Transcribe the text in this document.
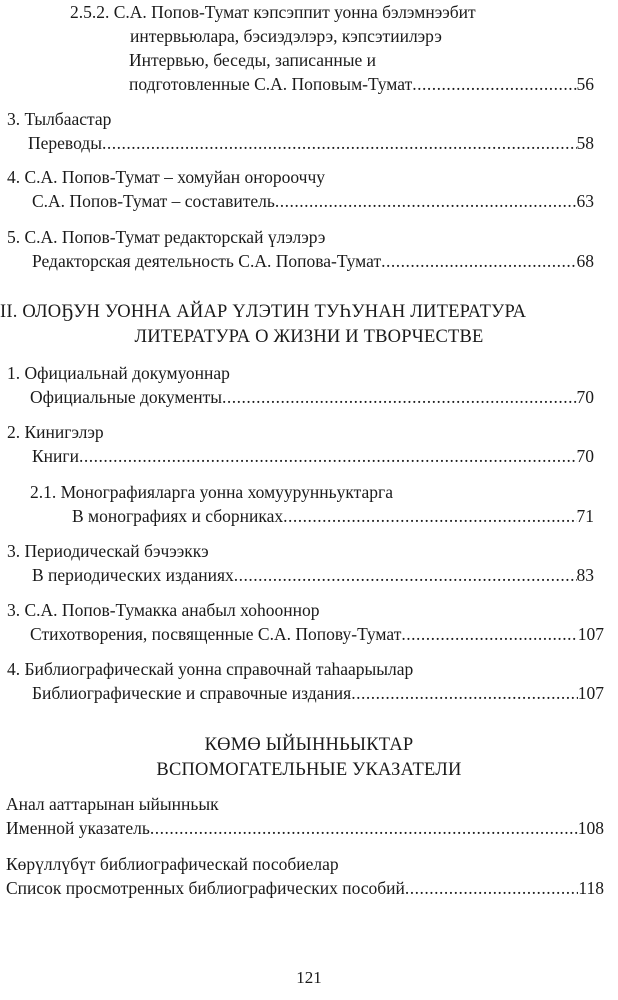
2.5.2. С.А. Попов-Тумат кэпсэппит уонна бэлэмнээбит
интервьюлара, бэсиэдэлэрэ, кэпсэтиилэрэ
Интервью, беседы, записанные и
подготовленные С.А. Поповым-Тумат .....	56
3. Тылбаастар
Переводы .....	58
4. С.А. Попов-Тумат – хомуйан оҥорооччу
С.А. Попов-Тумат – составитель .....	63
5. С.А. Попов-Тумат редакторскай үлэлэрэ
Редакторская деятельность С.А. Попова-Тумат .....	68
II. ОЛОҔУН УОННА АЙАР ҮЛЭТИН ТУҺУНАН ЛИТЕРАТУРА
ЛИТЕРАТУРА О ЖИЗНИ И ТВОРЧЕСТВЕ
1. Официальнай докумуоннар
Официальные документы .....	70
2. Кинигэлэр
Книги .....	70
2.1. Монографияларга уонна хомуурунньуктарга
В монографиях и сборниках .....	71
3. Периодическай бэчээккэ
В периодических изданиях .....	83
3. С.А. Попов-Тумакка анабыл хоһооннор
Стихотворения, посвященные С.А. Попову-Тумат .....	107
4. Библиографическай уонна справочнай таһаарыылар
Библиографические и справочные издания .....	107
КӨМӨ ЫЙЫННЬЫКТАР
ВСПОМОГАТЕЛЬНЫЕ УКАЗАТЕЛИ
Анал ааттарынан ыйынньык
Именной указатель .....	108
Көрүллүбүт библиографическай пособиелар
Список просмотренных библиографических пособий .....	118
121
